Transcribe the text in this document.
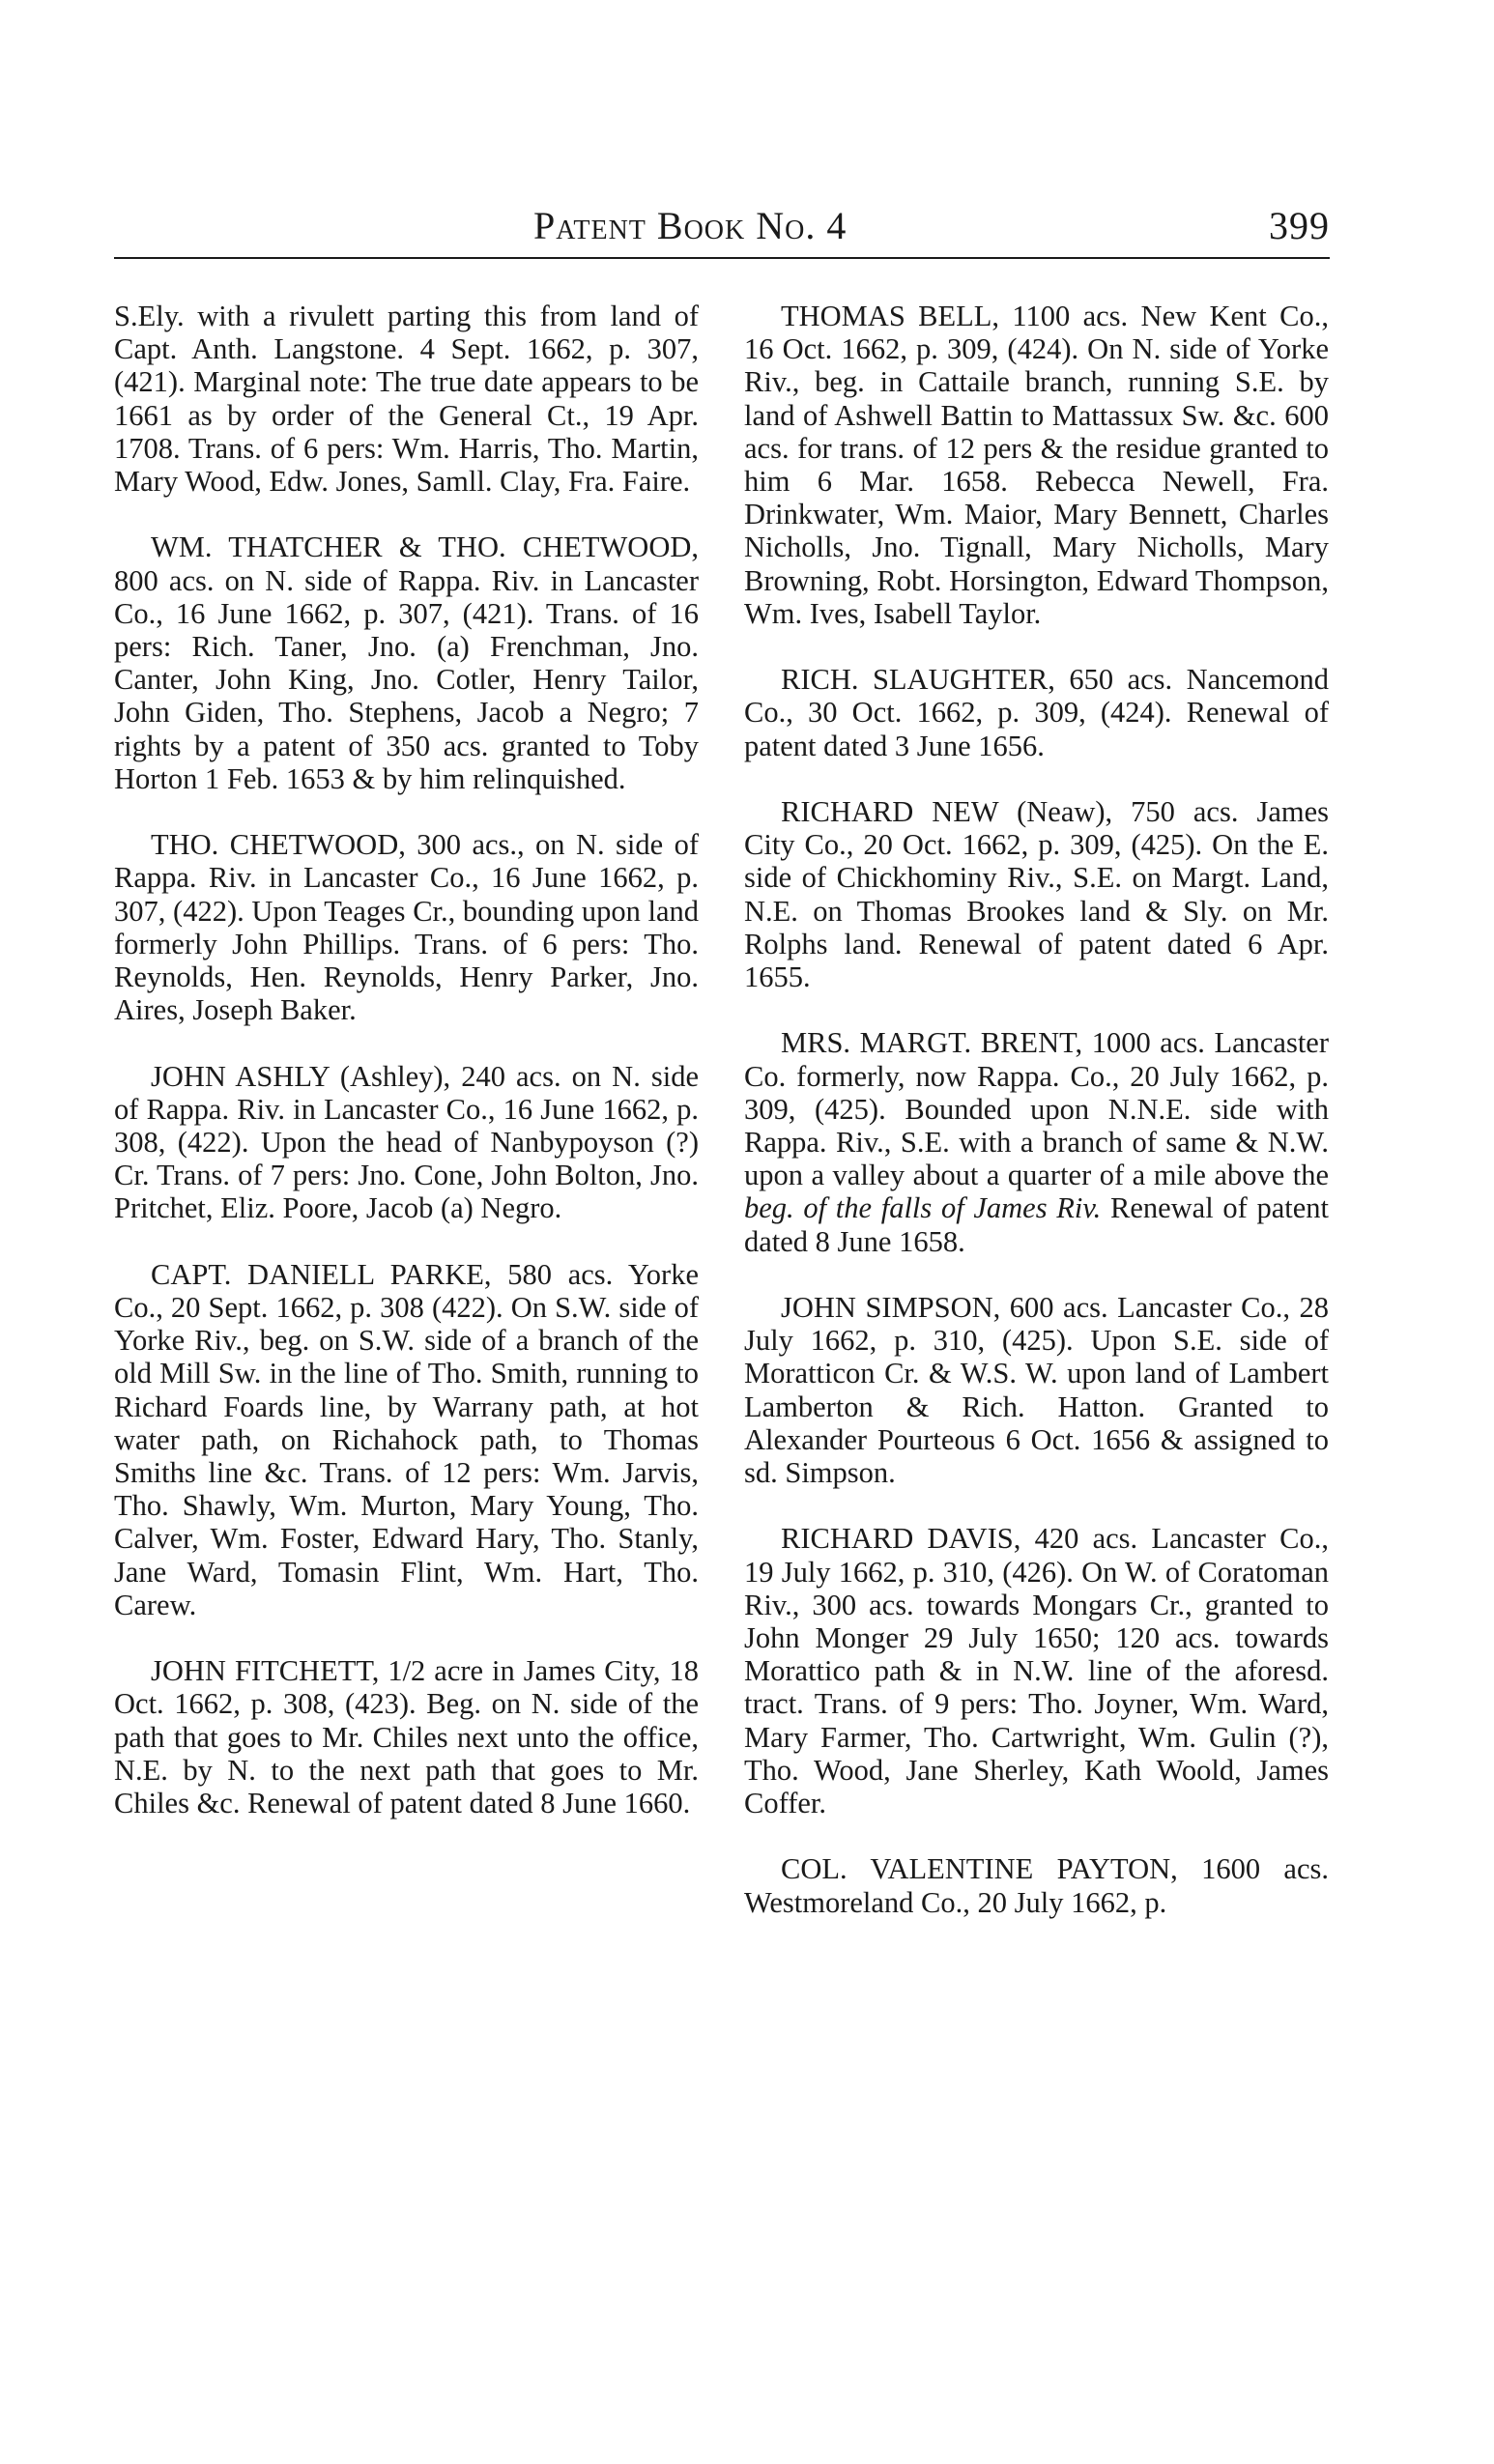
Patent Book No. 4	399

S.Ely. with a rivulett parting this from land of Capt. Anth. Langstone. 4 Sept. 1662, p. 307, (421). Marginal note: The true date appears to be 1661 as by order of the General Ct., 19 Apr. 1708. Trans. of 6 pers: Wm. Harris, Tho. Martin, Mary Wood, Edw. Jones, Samll. Clay, Fra. Faire.

WM. THATCHER & THO. CHETWOOD, 800 acs. on N. side of Rappa. Riv. in Lancaster Co., 16 June 1662, p. 307, (421). Trans. of 16 pers: Rich. Taner, Jno. (a) Frenchman, Jno. Canter, John King, Jno. Cotler, Henry Tailor, John Giden, Tho. Stephens, Jacob a Negro; 7 rights by a patent of 350 acs. granted to Toby Horton 1 Feb. 1653 & by him relinquished.

THO. CHETWOOD, 300 acs., on N. side of Rappa. Riv. in Lancaster Co., 16 June 1662, p. 307, (422). Upon Teages Cr., bounding upon land formerly John Phillips. Trans. of 6 pers: Tho. Reynolds, Hen. Reynolds, Henry Parker, Jno. Aires, Joseph Baker.

JOHN ASHLY (Ashley), 240 acs. on N. side of Rappa. Riv. in Lancaster Co., 16 June 1662, p. 308, (422). Upon the head of Nanbypoyson (?) Cr. Trans. of 7 pers: Jno. Cone, John Bolton, Jno. Pritchet, Eliz. Poore, Jacob (a) Negro.

CAPT. DANIELL PARKE, 580 acs. Yorke Co., 20 Sept. 1662, p. 308 (422). On S.W. side of Yorke Riv., beg. on S.W. side of a branch of the old Mill Sw. in the line of Tho. Smith, running to Richard Foards line, by Warrany path, at hot water path, on Richahock path, to Thomas Smiths line &c. Trans. of 12 pers: Wm. Jarvis, Tho. Shawly, Wm. Murton, Mary Young, Tho. Calver, Wm. Foster, Edward Hary, Tho. Stanly, Jane Ward, Tomasin Flint, Wm. Hart, Tho. Carew.

JOHN FITCHETT, 1/2 acre in James City, 18 Oct. 1662, p. 308, (423). Beg. on N. side of the path that goes to Mr. Chiles next unto the office, N.E. by N. to the next path that goes to Mr. Chiles &c. Renewal of patent dated 8 June 1660.

THOMAS BELL, 1100 acs. New Kent Co., 16 Oct. 1662, p. 309, (424). On N. side of Yorke Riv., beg. in Cattaile branch, running S.E. by land of Ashwell Battin to Mattassux Sw. &c. 600 acs. for trans. of 12 pers & the residue granted to him 6 Mar. 1658. Rebecca Newell, Fra. Drinkwater, Wm. Maior, Mary Bennett, Charles Nicholls, Jno. Tignall, Mary Nicholls, Mary Browning, Robt. Horsington, Edward Thompson, Wm. Ives, Isabell Taylor.

RICH. SLAUGHTER, 650 acs. Nancemond Co., 30 Oct. 1662, p. 309, (424). Renewal of patent dated 3 June 1656.

RICHARD NEW (Neaw), 750 acs. James City Co., 20 Oct. 1662, p. 309, (425). On the E. side of Chickhominy Riv., S.E. on Margt. Land, N.E. on Thomas Brookes land & Sly. on Mr. Rolphs land. Renewal of patent dated 6 Apr. 1655.

MRS. MARGT. BRENT, 1000 acs. Lancaster Co. formerly, now Rappa. Co., 20 July 1662, p. 309, (425). Bounded upon N.N.E. side with Rappa. Riv., S.E. with a branch of same & N.W. upon a valley about a quarter of a mile above the beg. of the falls of James Riv. Renewal of patent dated 8 June 1658.

JOHN SIMPSON, 600 acs. Lancaster Co., 28 July 1662, p. 310, (425). Upon S.E. side of Moratticon Cr. & W.S. W. upon land of Lambert Lamberton & Rich. Hatton. Granted to Alexander Pourteous 6 Oct. 1656 & assigned to sd. Simpson.

RICHARD DAVIS, 420 acs. Lancaster Co., 19 July 1662, p. 310, (426). On W. of Coratoman Riv., 300 acs. towards Mongars Cr., granted to John Monger 29 July 1650; 120 acs. towards Morattico path & in N.W. line of the aforesd. tract. Trans. of 9 pers: Tho. Joyner, Wm. Ward, Mary Farmer, Tho. Cartwright, Wm. Gulin (?), Tho. Wood, Jane Sherley, Kath Woold, James Coffer.

COL. VALENTINE PAYTON, 1600 acs. Westmoreland Co., 20 July 1662, p.
